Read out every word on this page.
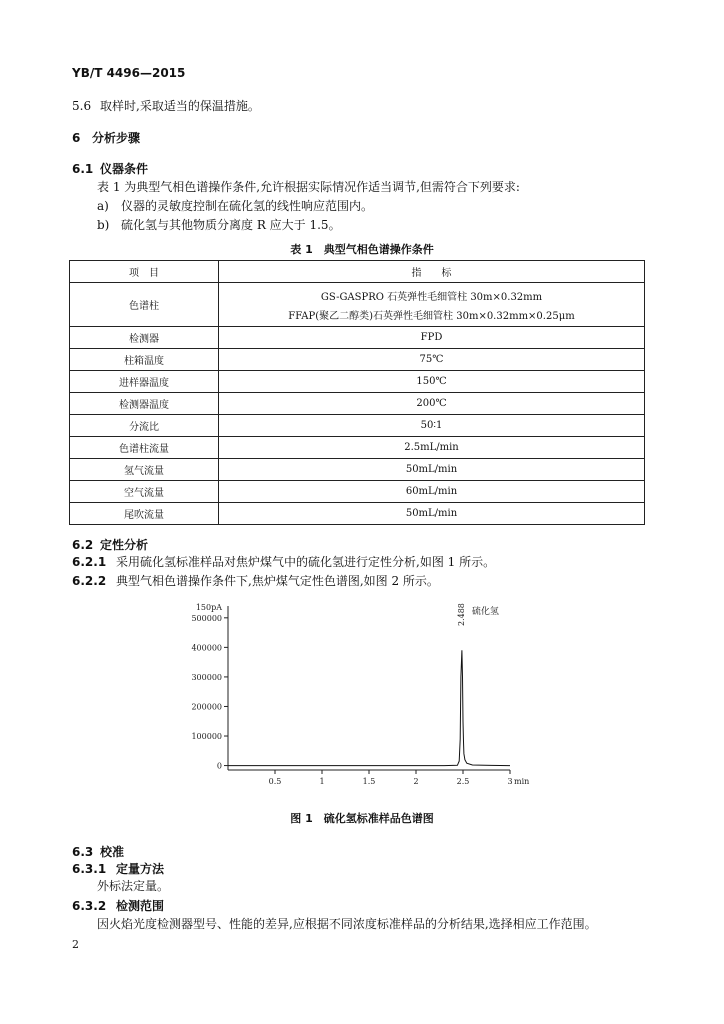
YB/T 4496—2015
5.6 取样时,采取适当的保温措施。
6 分析步骤
6.1 仪器条件
表 1 为典型气相色谱操作条件,允许根据实际情况作适当调节,但需符合下列要求:
a) 仪器的灵敏度控制在硫化氢的线性响应范围内。
b) 硫化氢与其他物质分离度 R 应大于 1.5。
表 1　典型气相色谱操作条件
项　目	指　　标
色谱柱	GS-GASPRO 石英弹性毛细管柱 30m×0.32mm
FFAP(聚乙二醇类)石英弹性毛细管柱 30m×0.32mm×0.25μm

检测器	FPD
柱箱温度	75℃
进样器温度	150℃
检测器温度	200℃
分流比	50∶1
色谱柱流量	2.5mL/min
氢气流量	50mL/min
空气流量	60mL/min
尾吹流量	50mL/min
6.2 定性分析
6.2.1 采用硫化氢标准样品对焦炉煤气中的硫化氢进行定性分析,如图 1 所示。
6.2.2 典型气相色谱操作条件下,焦炉煤气定性色谱图,如图 2 所示。
500000
400000
300000
200000
100000
0
150pA
0.5	1	1.5	2	2.5	3 min
2.488 硫化氢
图 1　硫化氢标准样品色谱图
6.3 校准
6.3.1 定量方法
外标法定量。
6.3.2 检测范围
因火焰光度检测器型号、性能的差异,应根据不同浓度标准样品的分析结果,选择相应工作范围。
2
